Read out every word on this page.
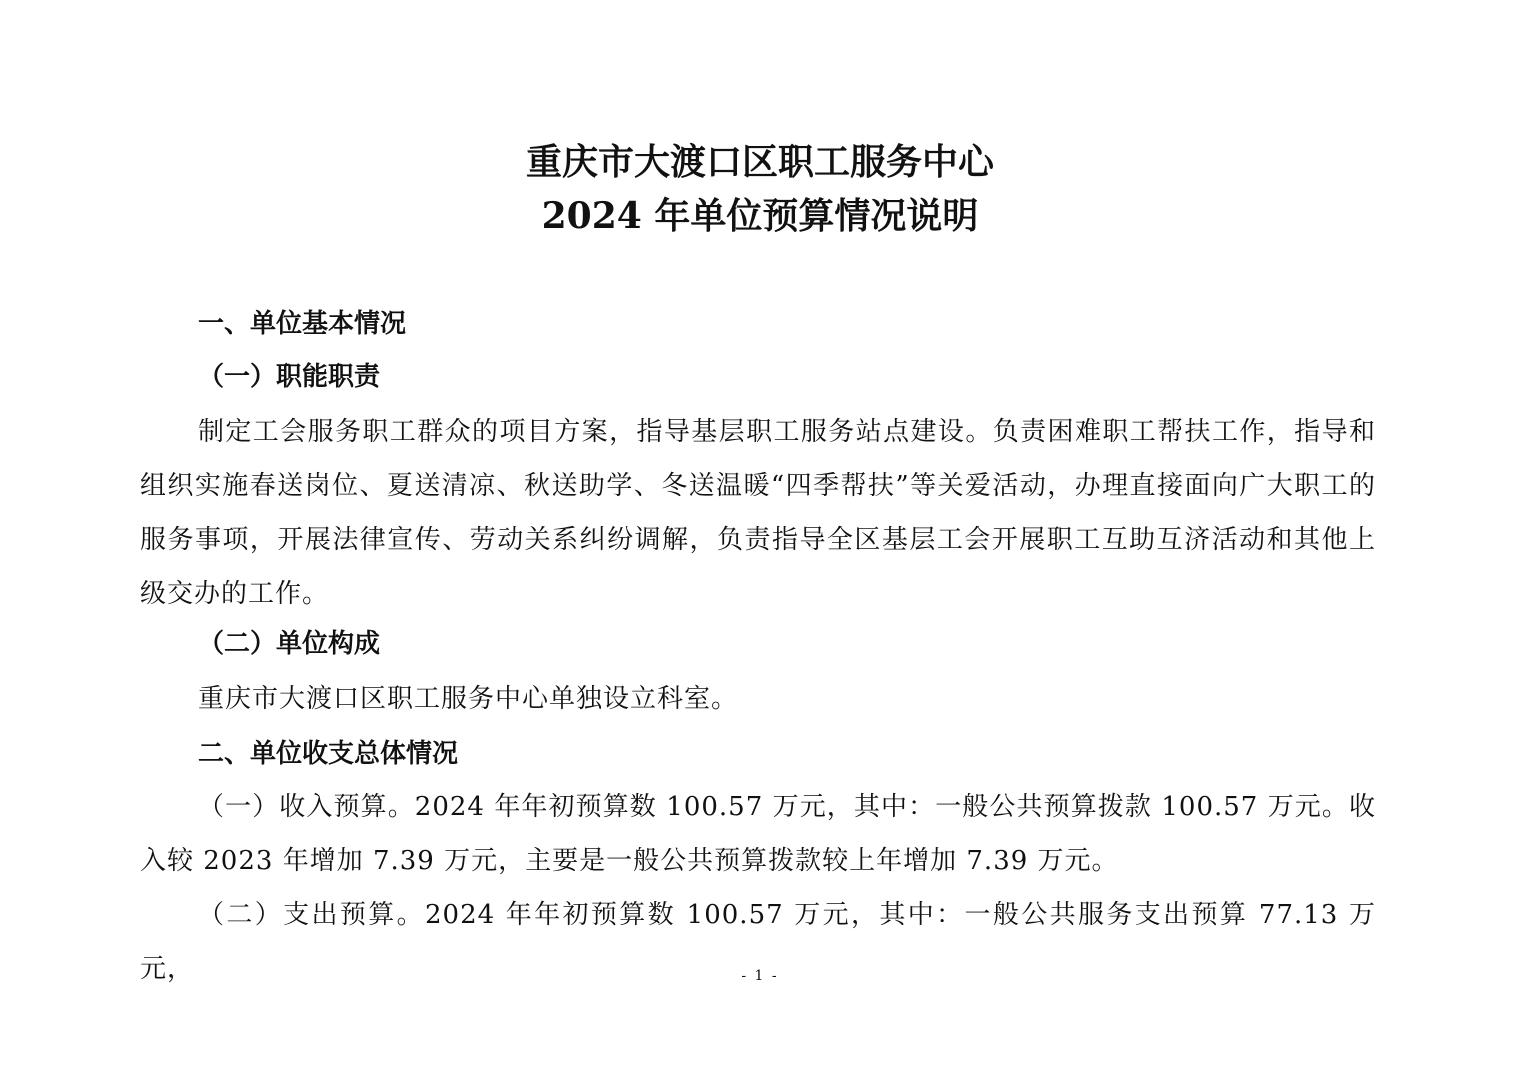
重庆市大渡口区职工服务中心
2024 年单位预算情况说明
一、单位基本情况
（一）职能职责

制定工会服务职工群众的项目方案，指导基层职工服务站点建设。负责困难职工帮扶工作，指导和组织实施春送岗位、夏送清凉、秋送助学、冬送温暖“四季帮扶”等关爱活动，办理直接面向广大职工的服务事项，开展法律宣传、劳动关系纠纷调解，负责指导全区基层工会开展职工互助互济活动和其他上级交办的工作。

（二）单位构成

重庆市大渡口区职工服务中心单独设立科室。

二、单位收支总体情况

（一）收入预算。2024 年年初预算数 100.57 万元，其中：一般公共预算拨款 100.57 万元。收入较 2023 年增加 7.39 万元，主要是一般公共预算拨款较上年增加 7.39 万元。

（二）支出预算。2024 年年初预算数 100.57 万元，其中：一般公共服务支出预算 77.13 万元，	- 1 -
